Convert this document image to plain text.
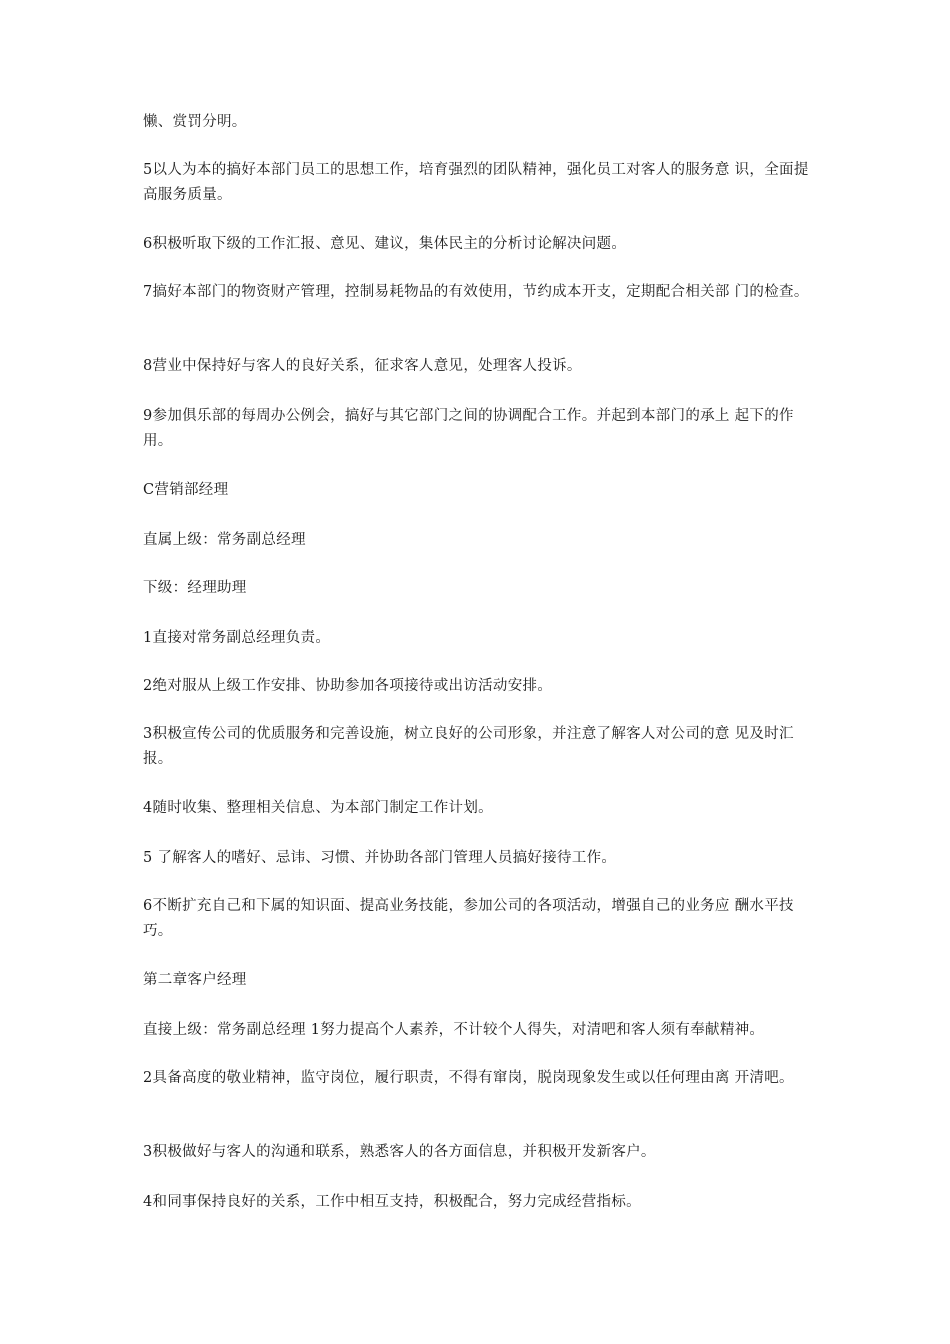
懒、赏罚分明。

5以人为本的搞好本部门员工的思想工作，培育强烈的团队精神，强化员工对客人的服务意 识，全面提高服务质量。

6积极听取下级的工作汇报、意见、建议，集体民主的分析讨论解决问题。

7搞好本部门的物资财产管理，控制易耗物品的有效使用，节约成本开支，定期配合相关部 门的检查。

8营业中保持好与客人的良好关系，征求客人意见，处理客人投诉。

9参加俱乐部的每周办公例会，搞好与其它部门之间的协调配合工作。并起到本部门的承上 起下的作用。

C营销部经理

直属上级：常务副总经理

下级：经理助理

1直接对常务副总经理负责。

2绝对服从上级工作安排、协助参加各项接待或出访活动安排。

3积极宣传公司的优质服务和完善设施，树立良好的公司形象，并注意了解客人对公司的意 见及时汇报。

4随时收集、整理相关信息、为本部门制定工作计划。

5 了解客人的嗜好、忌讳、习惯、并协助各部门管理人员搞好接待工作。

6不断扩充自己和下属的知识面、提高业务技能，参加公司的各项活动，增强自己的业务应 酬水平技巧。

第二章客户经理

直接上级：常务副总经理 1努力提高个人素养，不计较个人得失，对清吧和客人须有奉献精神。

2具备高度的敬业精神，监守岗位，履行职责，不得有窜岗，脱岗现象发生或以任何理由离 开清吧。

3积极做好与客人的沟通和联系，熟悉客人的各方面信息，并积极开发新客户。

4和同事保持良好的关系，工作中相互支持，积极配合，努力完成经营指标。
